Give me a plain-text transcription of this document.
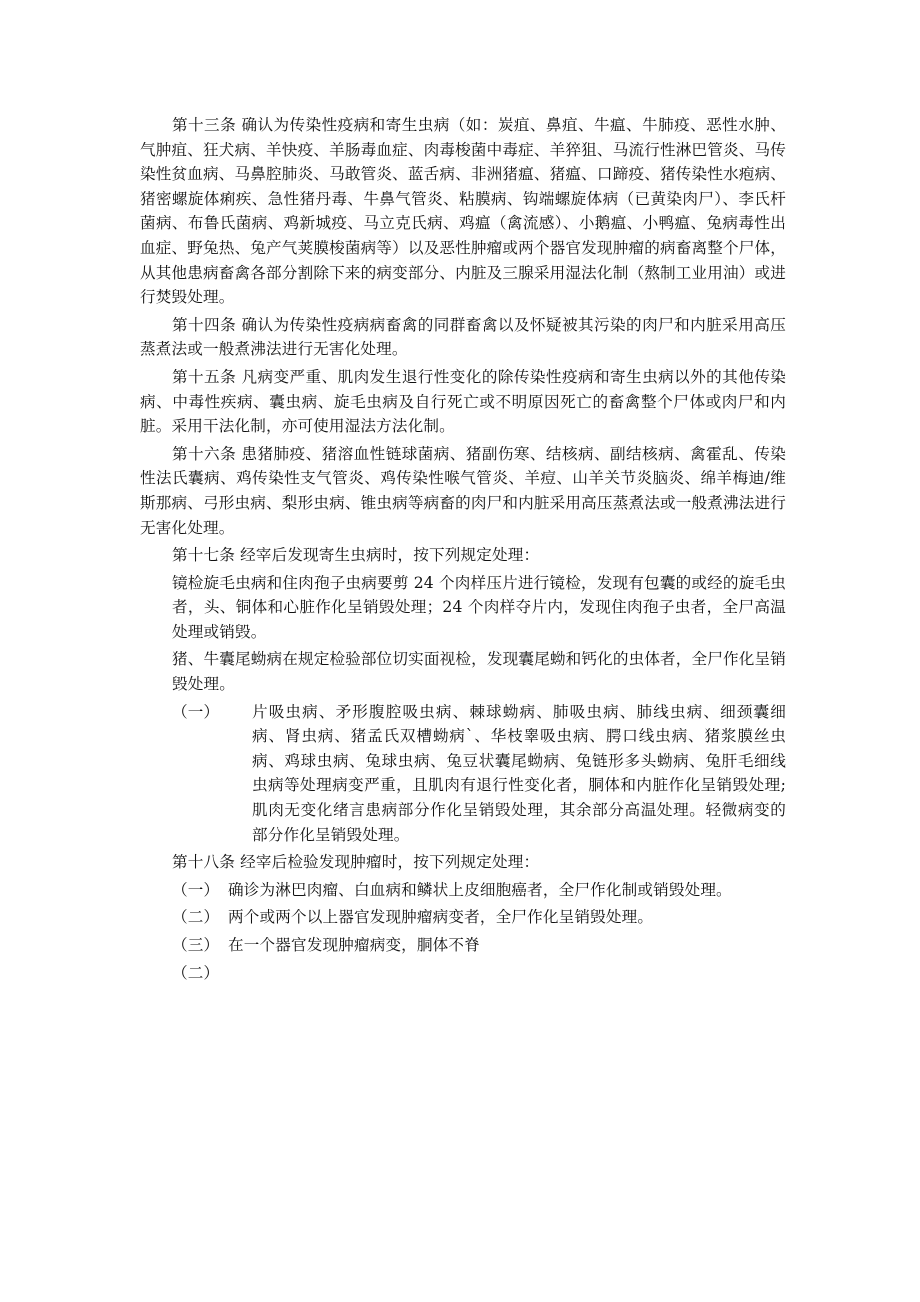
第十三条 确认为传染性疫病和寄生虫病（如：炭疽、鼻疽、牛瘟、牛肺疫、恶性水肿、气肿疽、狂犬病、羊快疫、羊肠毒血症、肉毒梭菌中毒症、羊猝狙、马流行性淋巴管炎、马传染性贫血病、马鼻腔肺炎、马敢管炎、蓝舌病、非洲猪瘟、猪瘟、口蹄疫、猪传染性水疱病、猪密螺旋体痢疾、急性猪丹毒、牛鼻气管炎、粘膜病、钩端螺旋体病（已黄染肉尸）、李氏杆菌病、布鲁氏菌病、鸡新城疫、马立克氏病、鸡瘟（禽流感）、小鹅瘟、小鸭瘟、兔病毒性出血症、野兔热、兔产气荚膜梭菌病等）以及恶性肿瘤或两个器官发现肿瘤的病畜离整个尸体，从其他患病畜禽各部分割除下来的病变部分、内脏及三腺采用湿法化制（熬制工业用油）或进行焚毁处理。

第十四条 确认为传染性疫病病畜禽的同群畜禽以及怀疑被其污染的肉尸和内脏采用高压蒸煮法或一般煮沸法进行无害化处理。

第十五条 凡病变严重、肌肉发生退行性变化的除传染性疫病和寄生虫病以外的其他传染病、中毒性疾病、囊虫病、旋毛虫病及自行死亡或不明原因死亡的畜禽整个尸体或肉尸和内脏。采用干法化制，亦可使用湿法方法化制。

第十六条 患猪肺疫、猪溶血性链球菌病、猪副伤寒、结核病、副结核病、禽霍乱、传染性法氏囊病、鸡传染性支气管炎、鸡传染性喉气管炎、羊痘、山羊关节炎脑炎、绵羊梅迪/维斯那病、弓形虫病、梨形虫病、锥虫病等病畜的肉尸和内脏采用高压蒸煮法或一般煮沸法进行无害化处理。

第十七条 经宰后发现寄生虫病时，按下列规定处理：

镜检旋毛虫病和住肉孢子虫病要剪 24 个肉样压片进行镜检，发现有包囊的或经的旋毛虫者，头、铜体和心脏作化呈销毁处理；24 个肉样夺片内，发现住肉孢子虫者，全尸高温处理或销毁。

猪、牛囊尾蚴病在规定检验部位切实面视检，发现囊尾蚴和钙化的虫体者，全尸作化呈销毁处理。

（一）	片吸虫病、矛形腹腔吸虫病、棘球蚴病、肺吸虫病、肺线虫病、细颈囊细病、肾虫病、猪孟氏双槽蚴病`、华枝睾吸虫病、腭口线虫病、猪浆膜丝虫病、鸡球虫病、兔球虫病、兔豆状囊尾蚴病、兔链形多头蚴病、兔肝毛细线虫病等处理病变严重，且肌肉有退行性变化者，胴体和内脏作化呈销毁处理;肌肉无变化绪言患病部分作化呈销毁处理，其余部分高温处理。轻微病变的部分作化呈销毁处理。

第十八条 经宰后检验发现肿瘤时，按下列规定处理：

（一） 确诊为淋巴肉瘤、白血病和鳞状上皮细胞癌者，全尸作化制或销毁处理。
（二） 两个或两个以上器官发现肿瘤病变者，全尸作化呈销毁处理。
（三） 在一个器官发现肿瘤病变，胴体不脊
（二）
